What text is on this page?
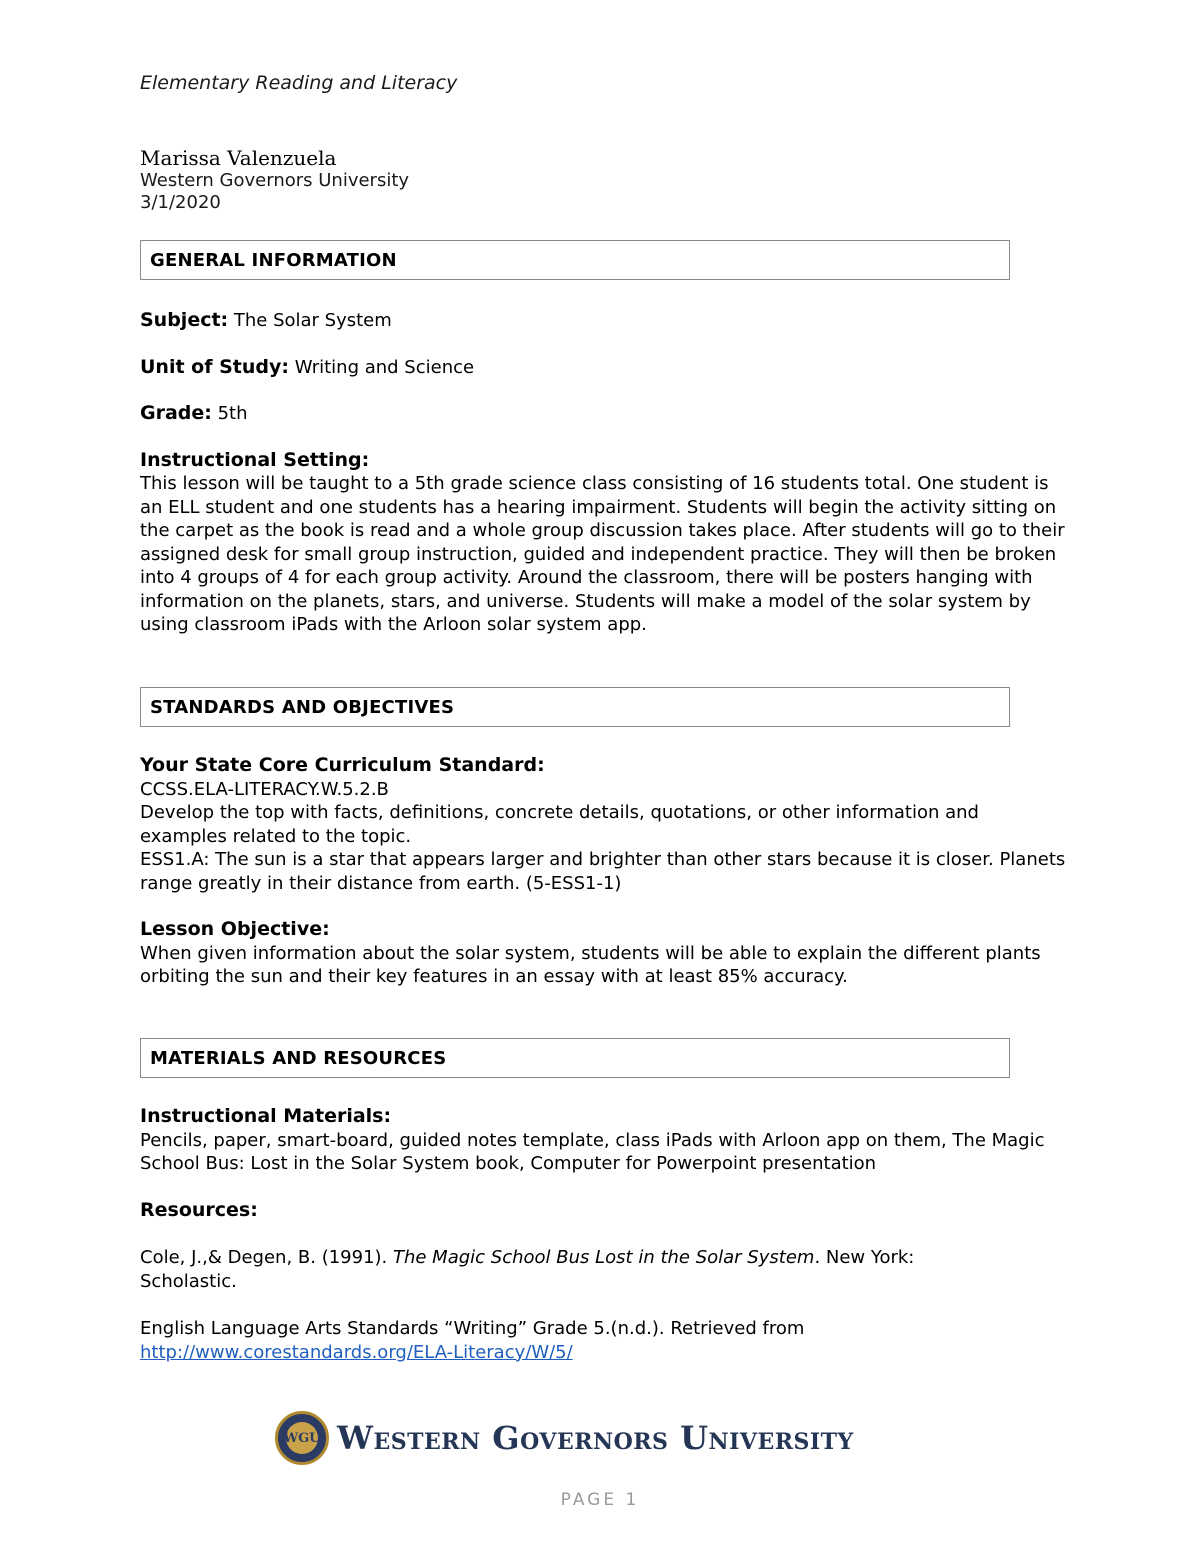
Elementary Reading and Literacy
Marissa Valenzuela
Western Governors University
3/1/2020
GENERAL INFORMATION

Subject: The Solar System

Unit of Study: Writing and Science

Grade: 5th

Instructional Setting:

This lesson will be taught to a 5th grade science class consisting of 16 students total. One student is an ELL student and one students has a hearing impairment. Students will begin the activity sitting on the carpet as the book is read and a whole group discussion takes place. After students will go to their assigned desk for small group instruction, guided and independent practice. They will then be broken into 4 groups of 4 for each group activity. Around the classroom, there will be posters hanging with information on the planets, stars, and universe. Students will make a model of the solar system by using classroom iPads with the Arloon solar system app.

STANDARDS AND OBJECTIVES

Your State Core Curriculum Standard:

CCSS.ELA-LITERACY.W.5.2.B

Develop the top with facts, definitions, concrete details, quotations, or other information and examples related to the topic.

ESS1.A: The sun is a star that appears larger and brighter than other stars because it is closer. Planets range greatly in their distance from earth. (5-ESS1-1)

Lesson Objective:

When given information about the solar system, students will be able to explain the different plants orbiting the sun and their key features in an essay with at least 85% accuracy.

MATERIALS AND RESOURCES

Instructional Materials:

Pencils, paper, smart-board, guided notes template, class iPads with Arloon app on them, The Magic School Bus: Lost in the Solar System book, Computer for Powerpoint presentation

Resources:

Cole, J.,& Degen, B. (1991). The Magic School Bus Lost in the Solar System. New York: Scholastic.

English Language Arts Standards “Writing” Grade 5.(n.d.). Retrieved from http://www.corestandards.org/ELA-Literacy/W/5/

WGU Western Governors University
PAGE 1
